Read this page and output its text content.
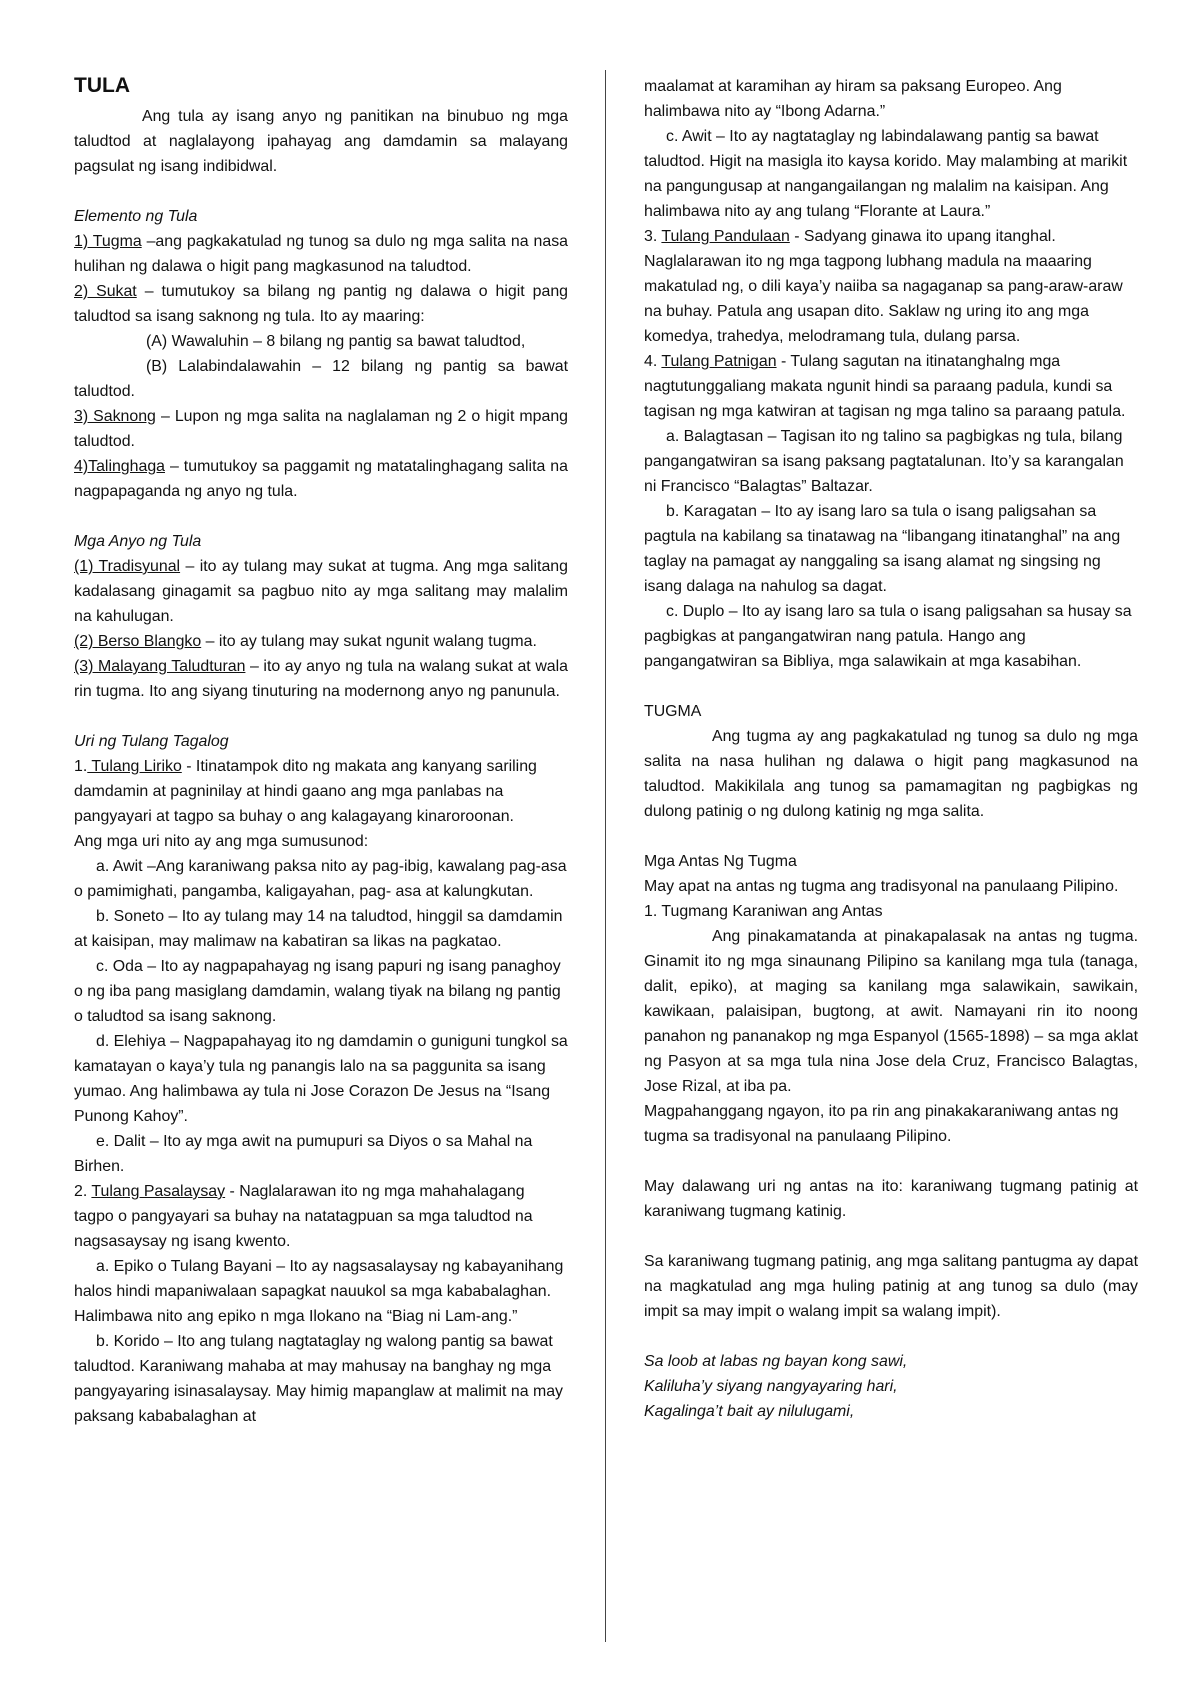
TULA

Ang tula ay isang anyo ng panitikan na binubuo ng mga taludtod at naglalayong ipahayag ang damdamin sa malayang pagsulat ng isang indibidwal.

Elemento ng Tula

1) Tugma –ang pagkakatulad ng tunog sa dulo ng mga salita na nasa hulihan ng dalawa o higit pang magkasunod na taludtod.

2) Sukat – tumutukoy sa bilang ng pantig ng dalawa o higit pang taludtod sa isang saknong ng tula. Ito ay maaring:

(A) Wawaluhin – 8 bilang ng pantig sa bawat taludtod,

(B) Lalabindalawahin – 12 bilang ng pantig sa bawat taludtod.

3) Saknong – Lupon ng mga salita na naglalaman ng 2 o higit mpang taludtod.

4)Talinghaga – tumutukoy sa paggamit ng matatalinghagang salita na nagpapaganda ng anyo ng tula.

Mga Anyo ng Tula

(1) Tradisyunal – ito ay tulang may sukat at tugma. Ang mga salitang kadalasang ginagamit sa pagbuo nito ay mga salitang may malalim na kahulugan.

(2) Berso Blangko – ito ay tulang may sukat ngunit walang tugma.

(3) Malayang Taludturan – ito ay anyo ng tula na walang sukat at wala rin tugma. Ito ang siyang tinuturing na modernong anyo ng panunula.

Uri ng Tulang Tagalog

1. Tulang Liriko - Itinatampok dito ng makata ang kanyang sariling damdamin at pagninilay at hindi gaano ang mga panlabas na pangyayari at tagpo sa buhay o ang kalagayang kinaroroonan.

Ang mga uri nito ay ang mga sumusunod:

a. Awit –Ang karaniwang paksa nito ay pag-ibig, kawalang pag-asa o pamimighati, pangamba, kaligayahan, pag- asa at kalungkutan.

b. Soneto – Ito ay tulang may 14 na taludtod, hinggil sa damdamin at kaisipan, may malimaw na kabatiran sa likas na pagkatao.

c. Oda – Ito ay nagpapahayag ng isang papuri ng isang panaghoy o ng iba pang masiglang damdamin, walang tiyak na bilang ng pantig o taludtod sa isang saknong.

d. Elehiya – Nagpapahayag ito ng damdamin o guniguni tungkol sa kamatayan o kaya’y tula ng panangis lalo na sa paggunita sa isang yumao. Ang halimbawa ay tula ni Jose Corazon De Jesus na “Isang Punong Kahoy”.

e. Dalit – Ito ay mga awit na pumupuri sa Diyos o sa Mahal na Birhen.

2. Tulang Pasalaysay - Naglalarawan ito ng mga mahahalagang tagpo o pangyayari sa buhay na natatagpuan sa mga taludtod na nagsasaysay ng isang kwento.

a. Epiko o Tulang Bayani – Ito ay nagsasalaysay ng kabayanihang halos hindi mapaniwalaan sapagkat nauukol sa mga kababalaghan. Halimbawa nito ang epiko n mga Ilokano na “Biag ni Lam-ang.”

b. Korido – Ito ang tulang nagtataglay ng walong pantig sa bawat taludtod. Karaniwang mahaba at may mahusay na banghay ng mga pangyayaring isinasalaysay. May himig mapanglaw at malimit na may paksang kababalaghan at

maalamat at karamihan ay hiram sa paksang Europeo. Ang halimbawa nito ay “Ibong Adarna.”

c. Awit – Ito ay nagtataglay ng labindalawang pantig sa bawat taludtod. Higit na masigla ito kaysa korido. May malambing at marikit na pangungusap at nangangailangan ng malalim na kaisipan. Ang halimbawa nito ay ang tulang “Florante at Laura.”

3. Tulang Pandulaan - Sadyang ginawa ito upang itanghal. Naglalarawan ito ng mga tagpong lubhang madula na maaaring makatulad ng, o dili kaya’y naiiba sa nagaganap sa pang-araw-araw na buhay. Patula ang usapan dito. Saklaw ng uring ito ang mga komedya, trahedya, melodramang tula, dulang parsa.

4. Tulang Patnigan - Tulang sagutan na itinatanghalng mga nagtutunggaliang makata ngunit hindi sa paraang padula, kundi sa tagisan ng mga katwiran at tagisan ng mga talino sa paraang patula.

a. Balagtasan – Tagisan ito ng talino sa pagbigkas ng tula, bilang pangangatwiran sa isang paksang pagtatalunan. Ito’y sa karangalan ni Francisco “Balagtas” Baltazar.

b. Karagatan – Ito ay isang laro sa tula o isang paligsahan sa pagtula na kabilang sa tinatawag na “libangang itinatanghal” na ang taglay na pamagat ay nanggaling sa isang alamat ng singsing ng isang dalaga na nahulog sa dagat.

c. Duplo – Ito ay isang laro sa tula o isang paligsahan sa husay sa pagbigkas at pangangatwiran nang patula. Hango ang pangangatwiran sa Bibliya, mga salawikain at mga kasabihan.

TUGMA

Ang tugma ay ang pagkakatulad ng tunog sa dulo ng mga salita na nasa hulihan ng dalawa o higit pang magkasunod na taludtod. Makikilala ang tunog sa pamamagitan ng pagbigkas ng dulong patinig o ng dulong katinig ng mga salita.

Mga Antas Ng Tugma

May apat na antas ng tugma ang tradisyonal na panulaang Pilipino.

1. Tugmang Karaniwan ang Antas

Ang pinakamatanda at pinakapalasak na antas ng tugma. Ginamit ito ng mga sinaunang Pilipino sa kanilang mga tula (tanaga, dalit, epiko), at maging sa kanilang mga salawikain, sawikain, kawikaan, palaisipan, bugtong, at awit. Namayani rin ito noong panahon ng pananakop ng mga Espanyol (1565-1898) – sa mga aklat ng Pasyon at sa mga tula nina Jose dela Cruz, Francisco Balagtas, Jose Rizal, at iba pa.

Magpahanggang ngayon, ito pa rin ang pinakakaraniwang antas ng tugma sa tradisyonal na panulaang Pilipino.

May dalawang uri ng antas na ito: karaniwang tugmang patinig at karaniwang tugmang katinig.

Sa karaniwang tugmang patinig, ang mga salitang pantugma ay dapat na magkatulad ang mga huling patinig at ang tunog sa dulo (may impit sa may impit o walang impit sa walang impit).

Sa loob at labas ng bayan kong sawi,

Kaliluha’y siyang nangyayaring hari,

Kagalinga’t bait ay nilulugami,
